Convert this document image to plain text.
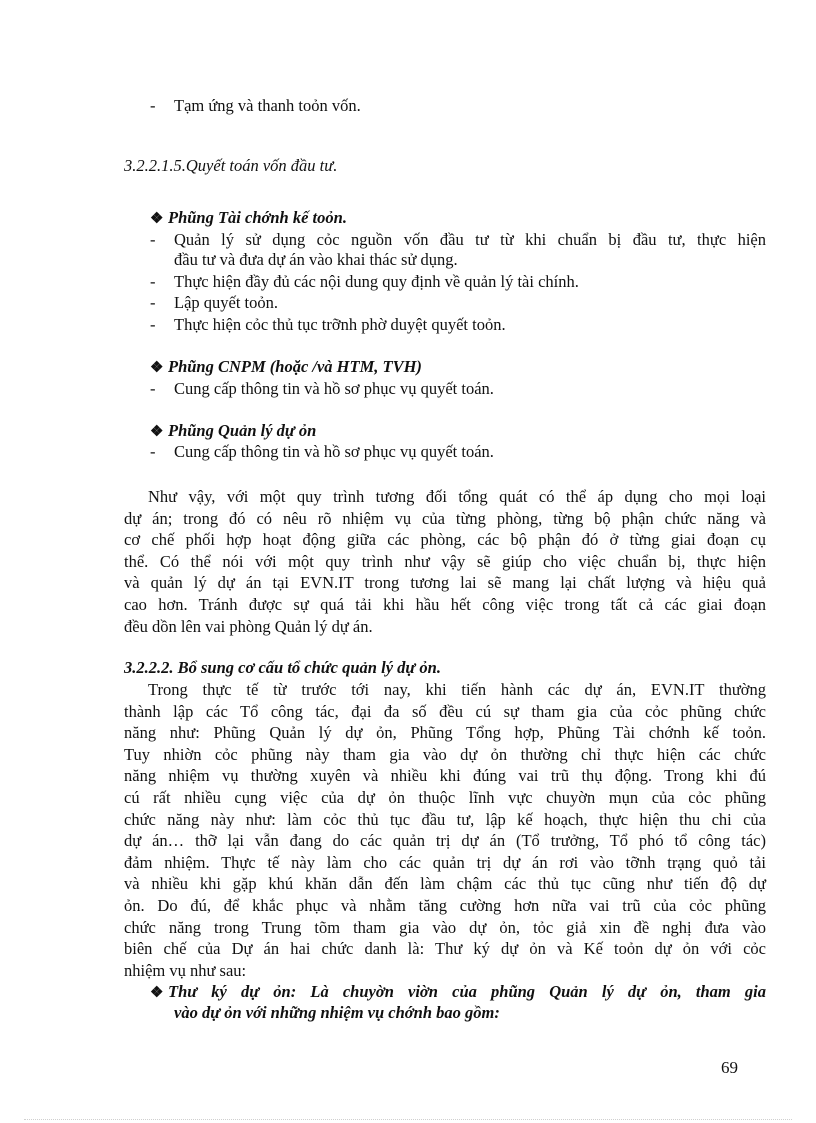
- Tạm ứng và thanh toỏn vốn.
3.2.2.1.5.Quyết toán vốn đầu tư.
❖ Phũng Tài chớnh kế toỏn.
- Quản lý sử dụng cỏc nguồn vốn đầu tư từ khi chuẩn bị đầu tư, thực hiện
đầu tư và đưa dự án vào khai thác sử dụng.
- Thực hiện đầy đủ các nội dung quy định về quản lý tài chính.
- Lập quyết toỏn.
- Thực hiện cỏc thủ tục trỡnh phờ duyệt quyết toỏn.
❖ Phũng CNPM (hoặc /và HTM, TVH)
- Cung cấp thông tin và hồ sơ phục vụ quyết toán.
❖ Phũng Quản lý dự ỏn
- Cung cấp thông tin và hồ sơ phục vụ quyết toán.
Như vậy, với một quy trình tương đối tổng quát có thể áp dụng cho mọi loại
dự án; trong đó có nêu rõ nhiệm vụ của từng phòng, từng bộ phận chức năng và
cơ chế phối hợp hoạt động giữa các phòng, các bộ phận đó ở từng giai đoạn cụ
thể. Có thể nói với một quy trình như vậy sẽ giúp cho việc chuẩn bị, thực hiện
và quản lý dự án tại EVN.IT trong tương lai sẽ mang lại chất lượng và hiệu quả
cao hơn. Tránh được sự quá tải khi hầu hết công việc trong tất cả các giai đoạn
đều dồn lên vai phòng Quản lý dự án.
3.2.2.2. Bổ sung cơ cấu tổ chức quản lý dự ỏn.
Trong thực tế từ trước tới nay, khi tiến hành các dự án, EVN.IT thường
thành lập các Tổ công tác, đại đa số đều cú sự tham gia của cỏc phũng chức
năng như: Phũng Quản lý dự ỏn, Phũng Tổng hợp, Phũng Tài chớnh kế toỏn.
Tuy nhiờn cỏc phũng này tham gia vào dự ỏn thường chỉ thực hiện các chức
năng nhiệm vụ thường xuyên và nhiều khi đúng vai trũ thụ động. Trong khi đú
cú rất nhiều cụng việc của dự ỏn thuộc lĩnh vực chuyờn mụn của cỏc phũng
chức năng này như: làm cỏc thủ tục đầu tư, lập kế hoạch, thực hiện thu chi của
dự án… thỡ lại vẫn đang do các quản trị dự án (Tổ trưởng, Tổ phó tổ công tác)
đảm nhiệm. Thực tế này làm cho các quản trị dự án rơi vào tỡnh trạng quỏ tải
và nhiều khi gặp khú khăn dẫn đến làm chậm các thủ tục cũng như tiến độ dự
ỏn. Do đú, để khắc phục và nhằm tăng cường hơn nữa vai trũ của cỏc phũng
chức năng trong Trung tõm tham gia vào dự ỏn, tỏc giả xin đề nghị đưa vào
biên chế của Dự án hai chức danh là: Thư ký dự ỏn và Kế toỏn dự ỏn với cỏc
nhiệm vụ như sau:
❖ Thư ký dự ỏn: Là chuyờn viờn của phũng Quản lý dự ỏn, tham gia
vào dự ỏn với những nhiệm vụ chớnh bao gồm:
69
